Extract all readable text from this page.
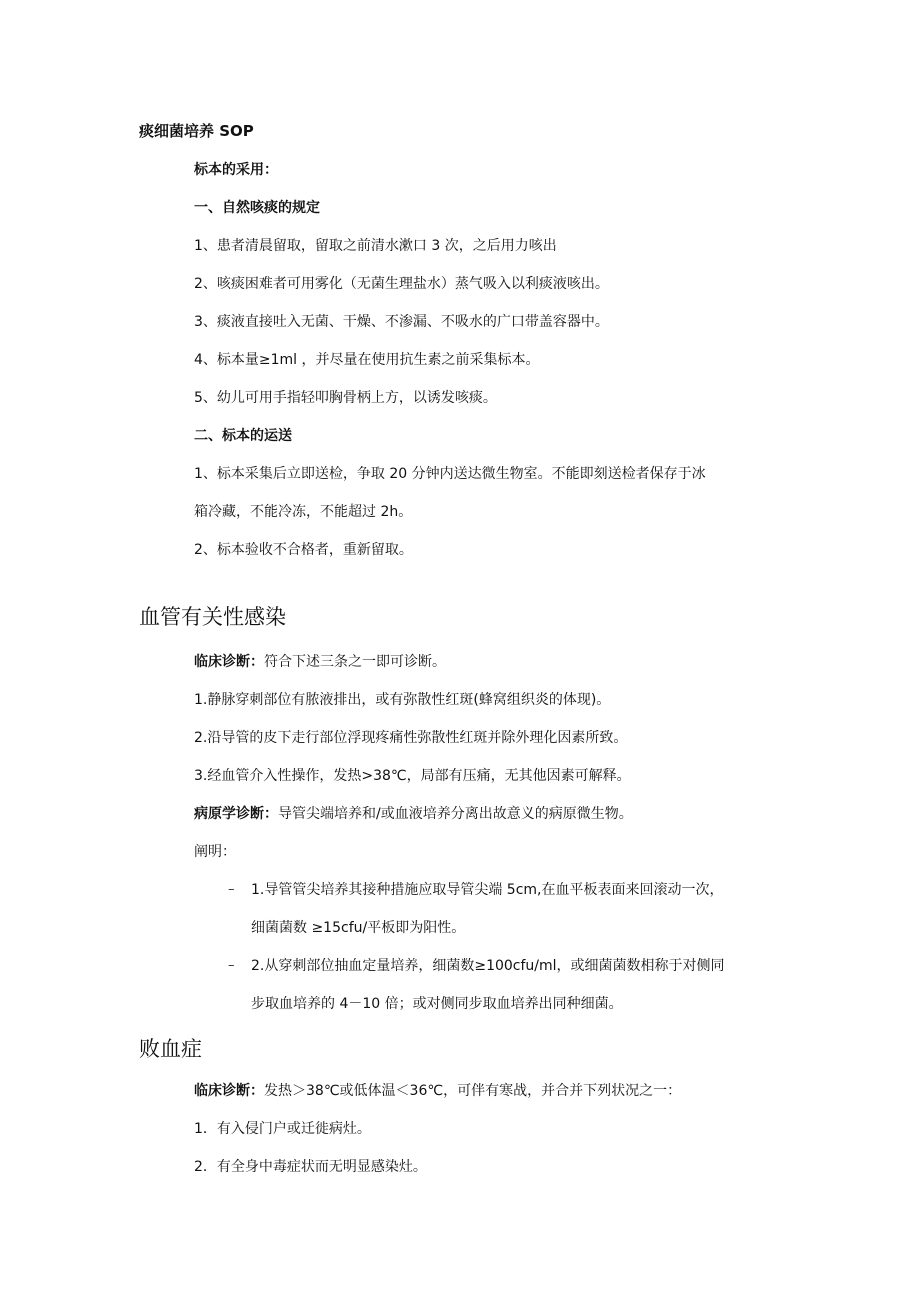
痰细菌培养 SOP
标本的采用：
一、自然咳痰的规定
1、患者清晨留取，留取之前清水漱口 3 次，之后用力咳出
2、咳痰困难者可用雾化（无菌生理盐水）蒸气吸入以利痰液咳出。
3、痰液直接吐入无菌、干燥、不渗漏、不吸水的广口带盖容器中。
4、标本量≥1ml ，并尽量在使用抗生素之前采集标本。
5、幼儿可用手指轻叩胸骨柄上方，以诱发咳痰。
二、标本的运送
1、标本采集后立即送检，争取 20 分钟内送达微生物室。不能即刻送检者保存于冰
箱冷藏，不能冷冻，不能超过 2h。
2、标本验收不合格者，重新留取。
血管有关性感染
临床诊断：符合下述三条之一即可诊断。
1.静脉穿刺部位有脓液排出，或有弥散性红斑(蜂窝组织炎的体现)。
2.沿导管的皮下走行部位浮现疼痛性弥散性红斑并除外理化因素所致。
3.经血管介入性操作，发热>38℃，局部有压痛，无其他因素可解释。
病原学诊断：导管尖端培养和/或血液培养分离出故意义的病原微生物。
阐明：
– 1.导管管尖培养其接种措施应取导管尖端 5cm,在血平板表面来回滚动一次，
细菌菌数 ≥15cfu/平板即为阳性。
– 2.从穿刺部位抽血定量培养，细菌数≥100cfu/ml，或细菌菌数相称于对侧同
步取血培养的 4－10 倍；或对侧同步取血培养出同种细菌。
败血症
临床诊断：发热＞38℃或低体温＜36℃，可伴有寒战，并合并下列状况之一：
1．有入侵门户或迁徙病灶。
2．有全身中毒症状而无明显感染灶。
